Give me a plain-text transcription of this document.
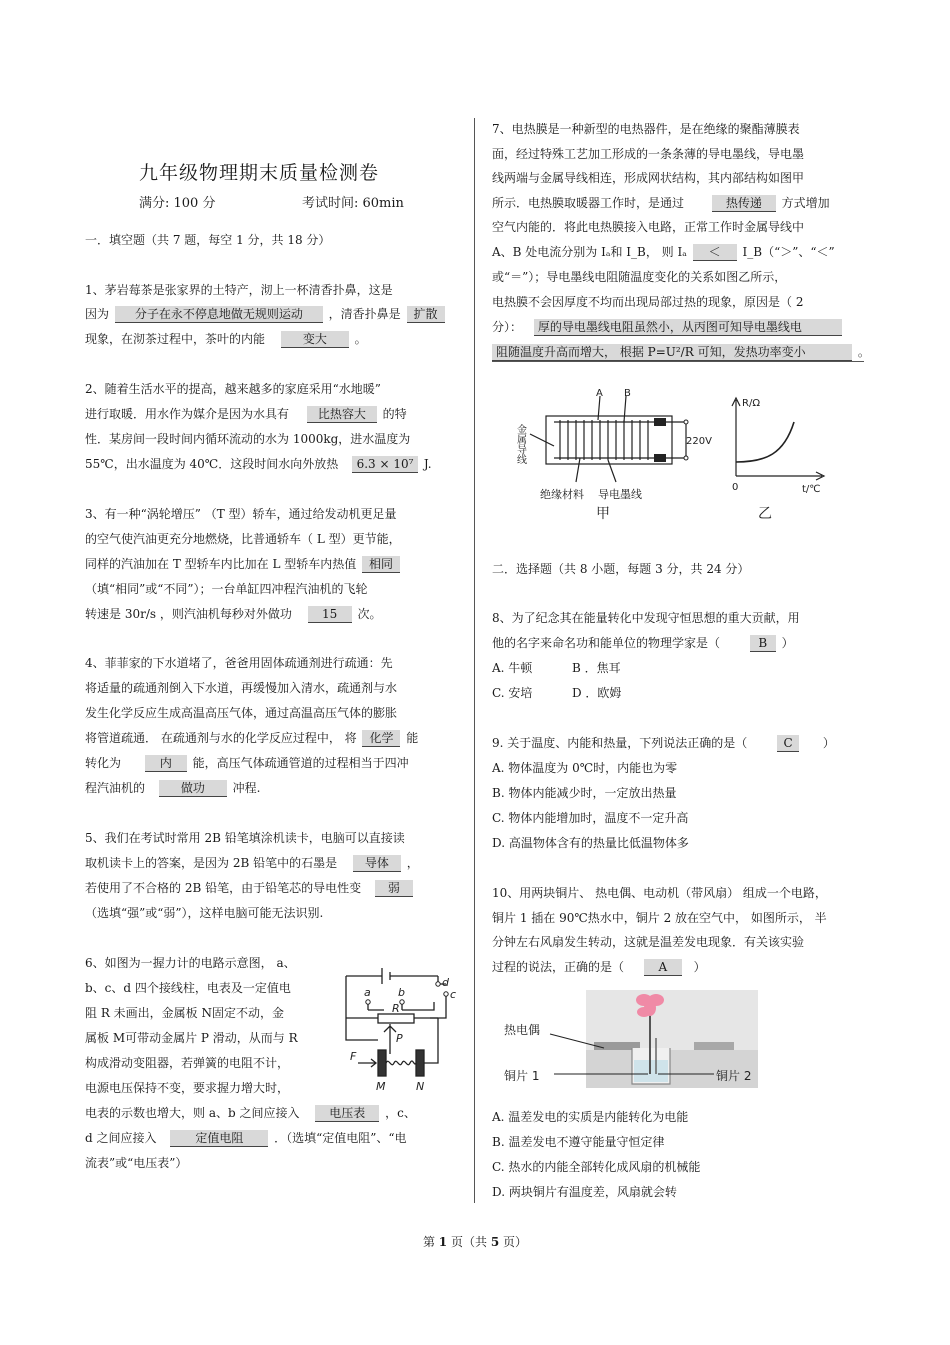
九年级物理期末质量检测卷
满分: 100 分	考试时间: 60min
一．填空题（共 7 题，每空 1 分，共 18 分）
1、茅岩莓茶是张家界的土特产，沏上一杯清香扑鼻，这是
因为 分子在永不停息地做无规则运动 ，清香扑鼻是 扩散
现象，在沏茶过程中，茶叶的内能	变大 。
2、随着生活水平的提高，越来越多的家庭采用“水地暖”
进行取暖．用水作为媒介是因为水具有 比热容大 的特
性．某房间一段时间内循环流动的水为 1000kg，进水温度为
55℃，出水温度为 40℃．这段时间水向外放热 6.3 × 10⁷ J.
3、有一种“涡轮增压” （T 型）轿车，通过给发动机更足量
的空气使汽油更充分地燃烧，比普通轿车（ L 型）更节能，
同样的汽油加在 T 型轿车内比加在 L 型轿车内热值 相同
（填“相同”或“不同”）；一台单缸四冲程汽油机的飞轮
转速是 30r/s ，则汽油机每秒对外做功	15 次。
4、菲菲家的下水道堵了，爸爸用固体疏通剂进行疏通：先
将适量的疏通剂倒入下水道，再缓慢加入清水，疏通剂与水
发生化学反应生成高温高压气体，通过高温高压气体的膨胀
将管道疏通． 在疏通剂与水的化学反应过程中， 将 化学 能
转化为	内 能，高压气体疏通管道的过程相当于四冲
程汽油机的	做功 冲程.
5、我们在考试时常用 2B 铅笔填涂机读卡，电脑可以直接读
取机读卡上的答案，是因为 2B 铅笔中的石墨是 导体 ，
若使用了不合格的 2B 铅笔，由于铅笔芯的导电性变 弱
（选填“强”或“弱”），这样电脑可能无法识别.
6、如图为一握力计的电路示意图， a、
b、c、d 四个接线柱，电表及一定值电
阻 R 未画出，金属板 N固定不动，金
属板 M可带动金属片 P 滑动，从而与 R
构成滑动变阻器，若弹簧的电阻不计，
电源电压保持不变，要求握力增大时，
电表的示数也增大，则 a、b 之间应接入 电压表 ，c、
d 之间应接入	定值电阻	．（选填“定值电阻”、“电
流表”或“电压表”）
a b
d
c
R
P
F
M	N
7、电热膜是一种新型的电热器件，是在绝缘的聚酯薄膜表
面，经过特殊工艺加工形成的一条条薄的导电墨线，导电墨
线两端与金属导线相连，形成网状结构，其内部结构如图甲
所示．电热膜取暖器工作时，是通过	热传递 方式增加
空气内能的．将此电热膜接入电路，正常工作时金属导线中
A、B 处电流分别为 Iₐ和 I_B， 则 Iₐ ＜ I_B（“＞”、“＜”
或“＝”）；导电墨线电阻随温度变化的关系如图乙所示，
电热膜不会因厚度不均而出现局部过热的现象，原因是（ 2
分）： 厚的导电墨线电阻虽然小，从丙图可知导电墨线电
阻随温度升高而增大， 根据 P=U²/R 可知，发热功率变小	。
A B
220V
金属导线
绝缘材料 导电墨线
甲
R/Ω
t/℃
0
乙
二．选择题（共 8 小题，每题 3 分，共 24 分）
8、为了纪念其在能量转化中发现守恒思想的重大贡献，用
他的名字来命名功和能单位的物理学家是（	B ）
A. 牛顿	B ．焦耳
C. 安培	D ．欧姆
9. 关于温度、内能和热量，下列说法正确的是（	C	）
A. 物体温度为 0℃时，内能也为零
B. 物体内能减少时，一定放出热量
C. 物体内能增加时，温度不一定升高
D. 高温物体含有的热量比低温物体多
10、用两块铜片、 热电偶、电动机（带风扇） 组成一个电路，
铜片 1 插在 90℃热水中，铜片 2 放在空气中， 如图所示， 半
分钟左右风扇发生转动，这就是温差发电现象．有关该实验
过程的说法，正确的是（	A ）
热电偶
铜片 1	铜片 2
A. 温差发电的实质是内能转化为电能
B. 温差发电不遵守能量守恒定律
C. 热水的内能全部转化成风扇的机械能
D. 两块铜片有温度差，风扇就会转
第 1 页（共 5 页）
